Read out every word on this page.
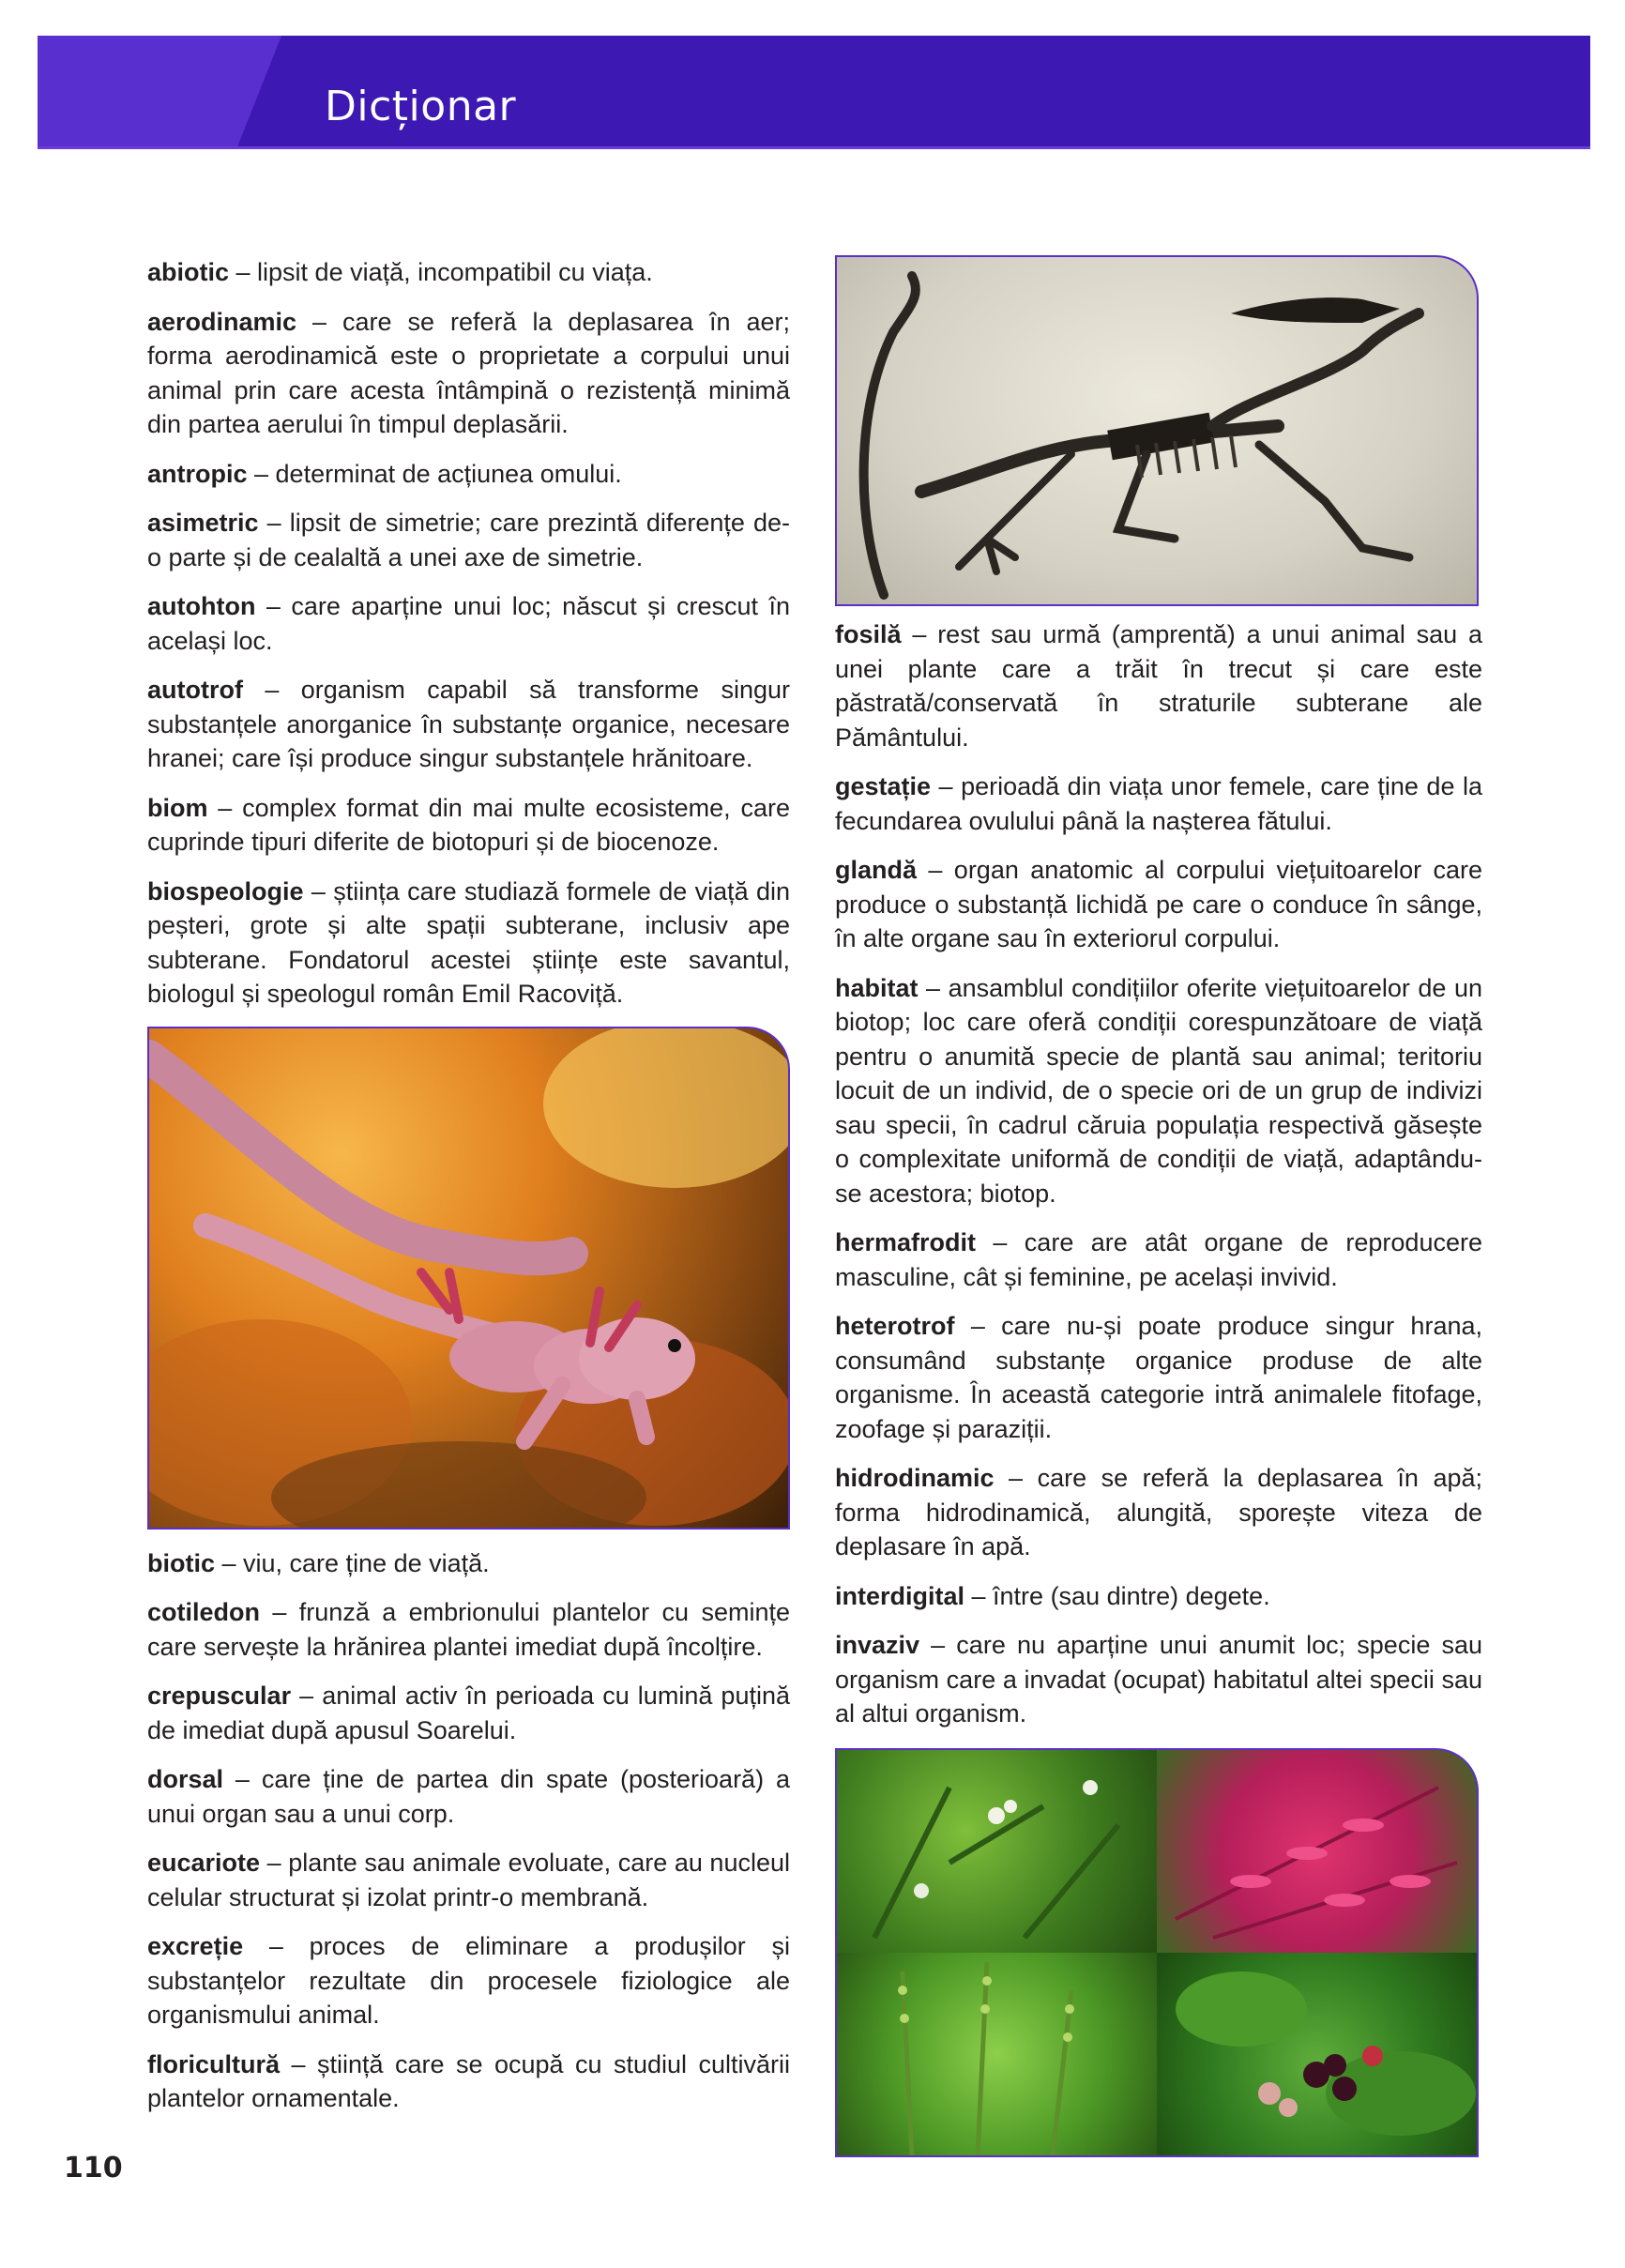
Dicționar

abiotic – lipsit de viață, incompatibil cu viața.

aerodinamic – care se referă la deplasarea în aer; forma aerodinamică este o proprietate a corpului unui animal prin care acesta întâmpină o rezistență minimă din partea aerului în timpul deplasării.

antropic – determinat de acțiunea omului.

asimetric – lipsit de simetrie; care prezintă diferențe de-o parte și de cealaltă a unei axe de simetrie.

autohton – care aparține unui loc; născut și crescut în același loc.

autotrof – organism capabil să transforme singur substanțele anorganice în substanțe organice, necesare hranei; care își produce singur substanțele hrănitoare.

biom – complex format din mai multe ecosisteme, care cuprinde tipuri diferite de biotopuri și de biocenoze.

biospeologie – știința care studiază formele de viață din peșteri, grote și alte spații subterane, inclusiv ape subterane. Fondatorul acestei științe este savantul, biologul și speologul român Emil Racoviță.

biotic – viu, care ține de viață.

cotiledon – frunză a embrionului plantelor cu semințe care servește la hrănirea plantei imediat după încolțire.

crepuscular – animal activ în perioada cu lumină puțină de imediat după apusul Soarelui.

dorsal – care ține de partea din spate (posterioară) a unui organ sau a unui corp.

eucariote – plante sau animale evoluate, care au nucleul celular structurat și izolat printr-o membrană.

excreție – proces de eliminare a produșilor și substanțelor rezultate din procesele fiziologice ale organismului animal.

floricultură – știință care se ocupă cu studiul cultivării plantelor ornamentale.

fosilă – rest sau urmă (amprentă) a unui animal sau a unei plante care a trăit în trecut și care este păstrată/conservată în straturile subterane ale Pământului.

gestație – perioadă din viața unor femele, care ține de la fecundarea ovulului până la nașterea fătului.

glandă – organ anatomic al corpului viețuitoarelor care produce o substanță lichidă pe care o conduce în sânge, în alte organe sau în exteriorul corpului.

habitat – ansamblul condițiilor oferite viețuitoarelor de un biotop; loc care oferă condiții corespunzătoare de viață pentru o anumită specie de plantă sau animal; teritoriu locuit de un individ, de o specie ori de un grup de indivizi sau specii, în cadrul căruia populația respectivă găsește o complexitate uniformă de condiții de viață, adaptându-se acestora; biotop.

hermafrodit – care are atât organe de reproducere masculine, cât și feminine, pe același invivid.

heterotrof – care nu-și poate produce singur hrana, consumând substanțe organice produse de alte organisme. În această categorie intră animalele fitofage, zoofage și paraziții.

hidrodinamic – care se referă la deplasarea în apă; forma hidrodinamică, alungită, sporește viteza de deplasare în apă.

interdigital – între (sau dintre) degete.

invaziv – care nu aparține unui anumit loc; specie sau organism care a invadat (ocupat) habitatul altei specii sau al altui organism.

110
